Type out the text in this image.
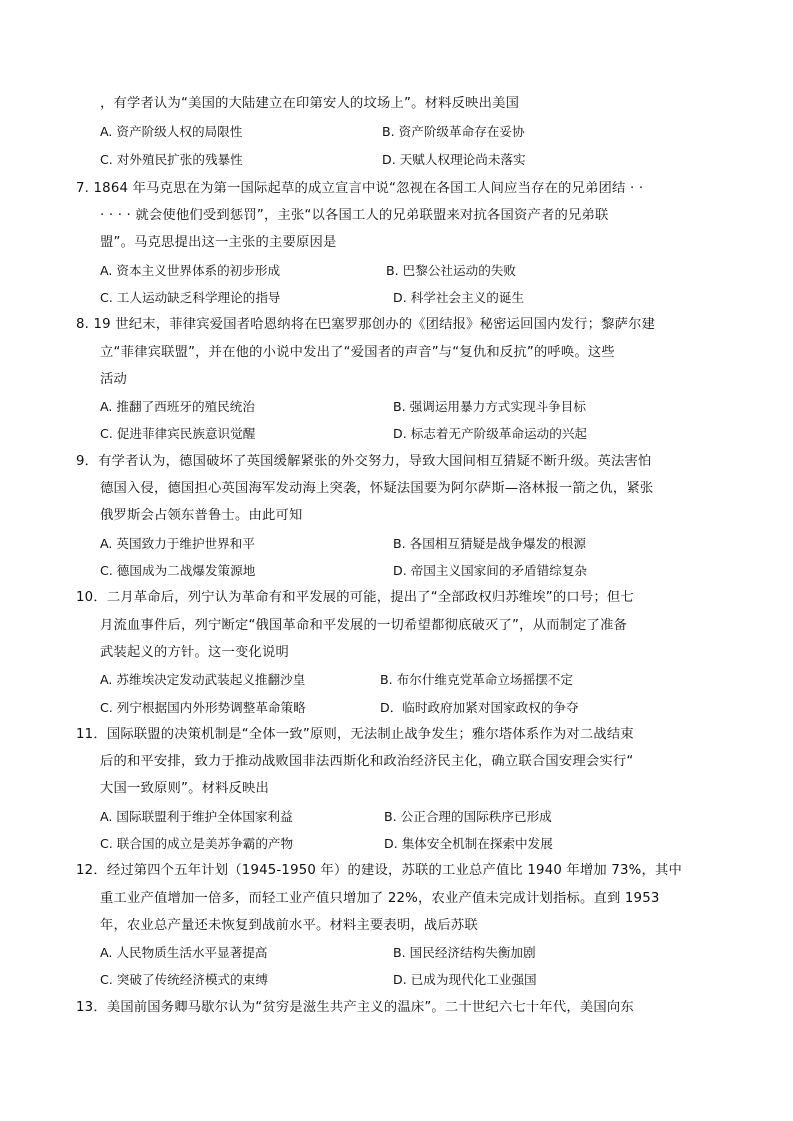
，有学者认为“美国的大陆建立在印第安人的坟场上”。材料反映出美国
A. 资产阶级人权的局限性	B. 资产阶级革命存在妥协
C. 对外殖民扩张的残暴性	D. 天赋人权理论尚未落实
7. 1864 年马克思在为第一国际起草的成立宣言中说“忽视在各国工人间应当存在的兄弟团结 · ·
· · · · 就会使他们受到惩罚”，主张“以各国工人的兄弟联盟来对抗各国资产者的兄弟联
盟”。马克思提出这一主张的主要原因是
A. 资本主义世界体系的初步形成	B. 巴黎公社运动的失败
C. 工人运动缺乏科学理论的指导	D. 科学社会主义的诞生
8. 19 世纪末，菲律宾爱国者哈恩纳将在巴塞罗那创办的《团结报》秘密运回国内发行；黎萨尔建
立“菲律宾联盟”，并在他的小说中发出了“爱国者的声音”与“复仇和反抗”的呼唤。这些
活动
A. 推翻了西班牙的殖民统治	B. 强调运用暴力方式实现斗争目标
C. 促进菲律宾民族意识觉醒	D. 标志着无产阶级革命运动的兴起
9．有学者认为，德国破坏了英国缓解紧张的外交努力，导致大国间相互猜疑不断升级。英法害怕
德国入侵，德国担心英国海军发动海上突袭，怀疑法国要为阿尔萨斯—洛林报一箭之仇，紧张
俄罗斯会占领东普鲁士。由此可知
A. 英国致力于维护世界和平	B. 各国相互猜疑是战争爆发的根源
C. 德国成为二战爆发策源地	D. 帝国主义国家间的矛盾错综复杂
10．二月革命后，列宁认为革命有和平发展的可能，提出了“全部政权归苏维埃”的口号；但七
月流血事件后，列宁断定“俄国革命和平发展的一切希望都彻底破灭了”，从而制定了准备
武装起义的方针。这一变化说明
A. 苏维埃决定发动武装起义推翻沙皇	B. 布尔什维克党革命立场摇摆不定
C. 列宁根据国内外形势调整革命策略	D．临时政府加紧对国家政权的争夺
11．国际联盟的决策机制是“全体一致”原则，无法制止战争发生；雅尔塔体系作为对二战结束
后的和平安排，致力于推动战败国非法西斯化和政治经济民主化，确立联合国安理会实行“
大国一致原则”。材料反映出
A. 国际联盟利于维护全体国家利益	B. 公正合理的国际秩序已形成
C. 联合国的成立是美苏争霸的产物	D. 集体安全机制在探索中发展
12．经过第四个五年计划（1945-1950 年）的建设，苏联的工业总产值比 1940 年增加 73%，其中
重工业产值增加一倍多，而轻工业产值只增加了 22%，农业产值未完成计划指标。直到 1953
年，农业总产量还未恢复到战前水平。材料主要表明，战后苏联
A. 人民物质生活水平显著提高	B. 国民经济结构失衡加剧
C. 突破了传统经济模式的束缚	D. 已成为现代化工业强国
13．美国前国务卿马歇尔认为“贫穷是滋生共产主义的温床”。二十世纪六七十年代，美国向东
